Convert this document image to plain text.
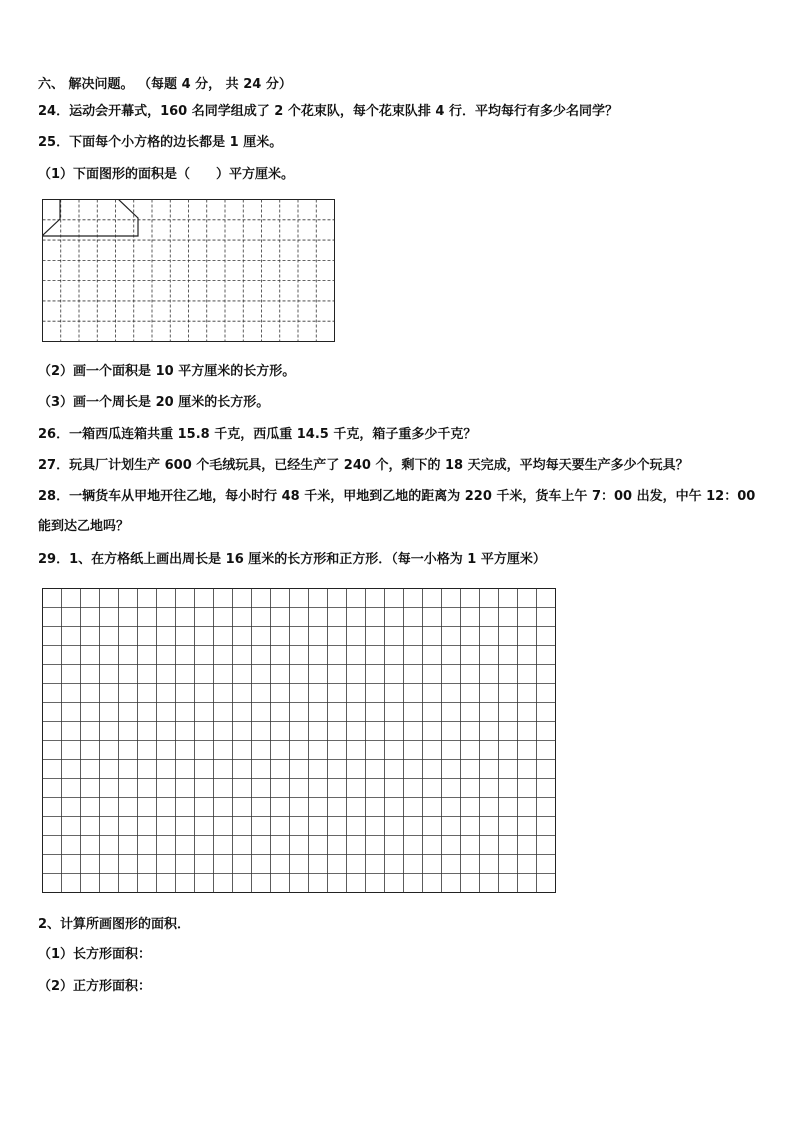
六、 解决问题。 （每题 4 分， 共 24 分）

24．运动会开幕式，160 名同学组成了 2 个花束队，每个花束队排 4 行．平均每行有多少名同学？

25．下面每个小方格的边长都是 1 厘米。

（1）下面图形的面积是（　　）平方厘米。

（2）画一个面积是 10 平方厘米的长方形。

（3）画一个周长是 20 厘米的长方形。

26．一箱西瓜连箱共重 15.8 千克，西瓜重 14.5 千克，箱子重多少千克？

27．玩具厂计划生产 600 个毛绒玩具，已经生产了 240 个，剩下的 18 天完成，平均每天要生产多少个玩具？

28．一辆货车从甲地开往乙地，每小时行 48 千米，甲地到乙地的距离为 220 千米，货车上午 7：00 出发，中午 12：00

能到达乙地吗？

29．1、在方格纸上画出周长是 16 厘米的长方形和正方形．（每一小格为 1 平方厘米）

2、计算所画图形的面积．

（1）长方形面积：

（2）正方形面积：
